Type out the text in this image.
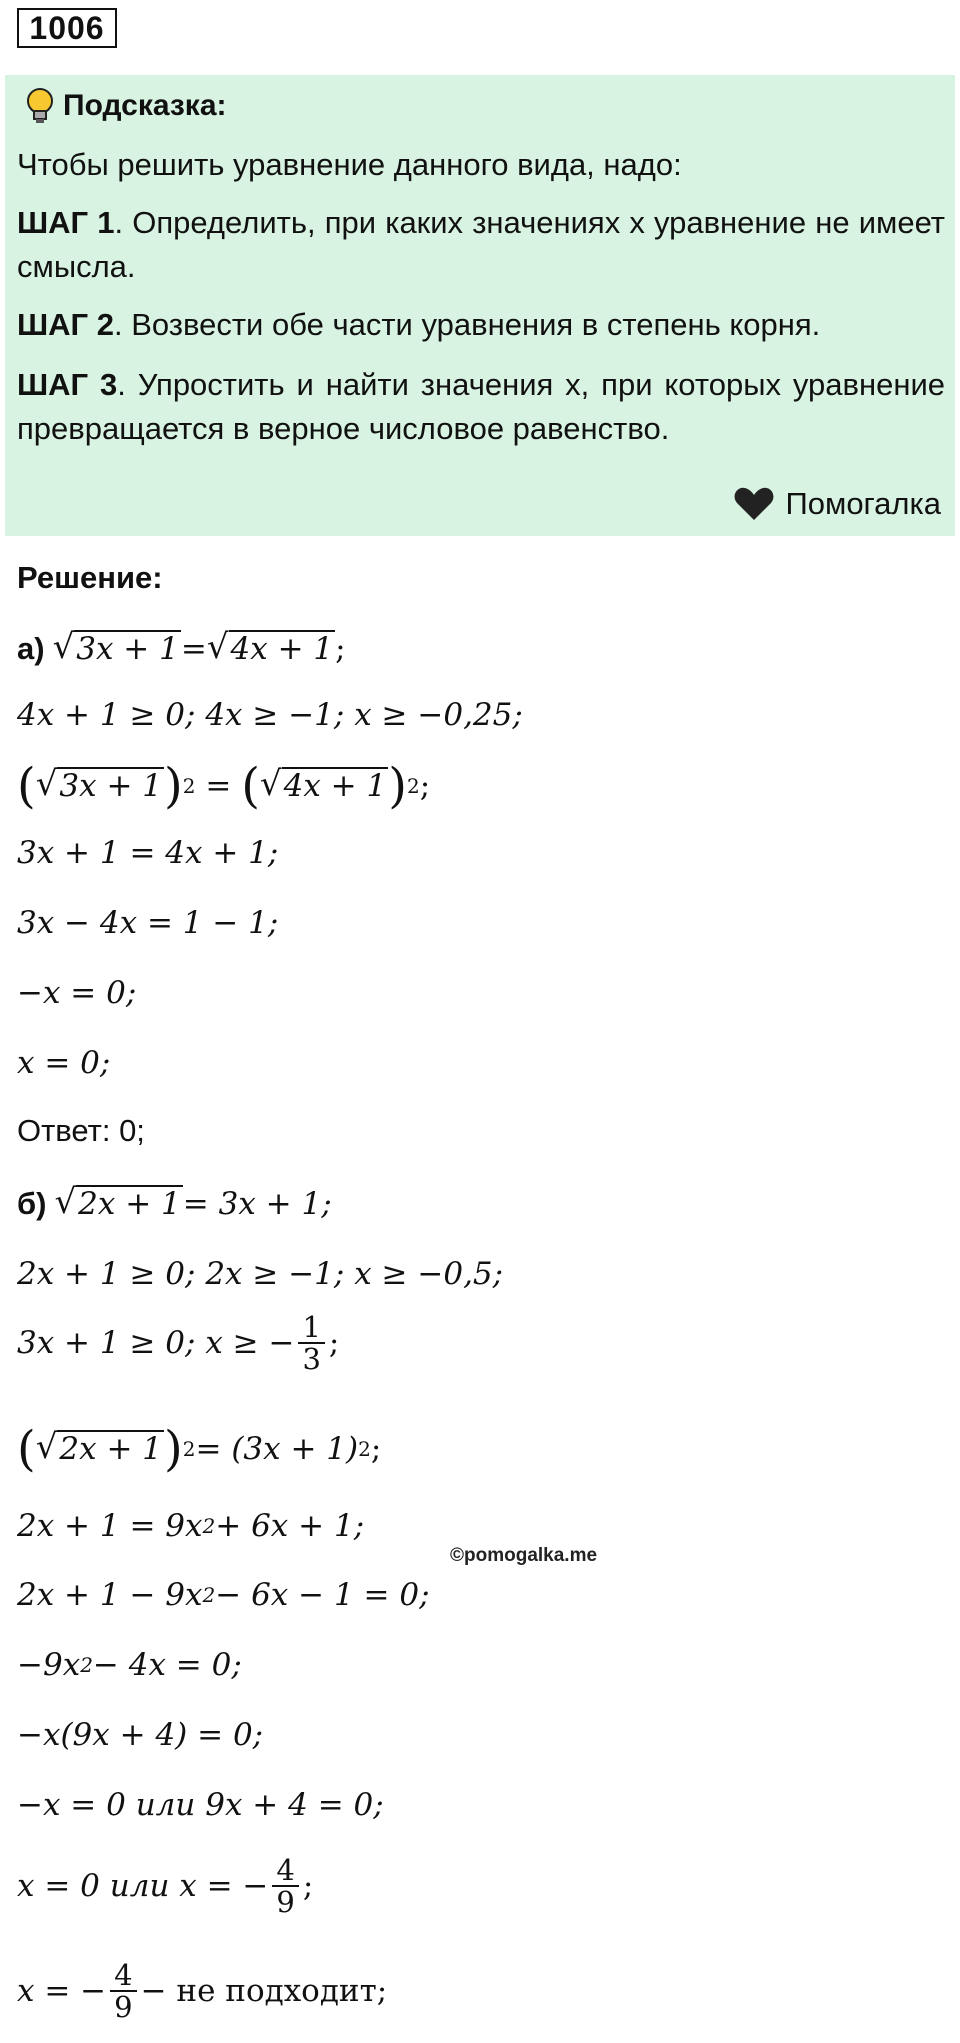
1006
Подсказка:

Чтобы решить уравнение данного вида, надо:

ШАГ 1. Определить, при каких значениях x уравнение не имеет смысла.

ШАГ 2. Возвести обе части уравнения в степень корня.

ШАГ 3. Упростить и найти значения x, при которых уравнение превращается в верное числовое равенство.

Помогалка
Решение:
а) √ 3x + 1 = √ 4x + 1 ;
4x + 1 ≥ 0; 4x ≥ −1; x ≥ −0,25;
( √ 3x + 1 ) 2 = ( √ 4x + 1 ) 2 ;
3x + 1 = 4x + 1;
3x − 4x = 1 − 1;
−x = 0;
x = 0;
Ответ: 0;
б) √ 2x + 1 = 3x + 1;
2x + 1 ≥ 0; 2x ≥ −1; x ≥ −0,5;
3x + 1 ≥ 0; x ≥ − $\frac{1}{3}$ ;
( √ 2x + 1 ) 2 = (3x + 1) 2 ;
2x + 1 = 9x 2 + 6x + 1;
2x + 1 − 9x 2 − 6x − 1 = 0;
−9x 2 − 4x = 0;
−x(9x + 4) = 0;
−x = 0 или 9x + 4 = 0;
x = 0 или x = − $\frac{4}{9}$ ;
x = − $\frac{4}{9}$ − не подходит;
©pomogalka.me
